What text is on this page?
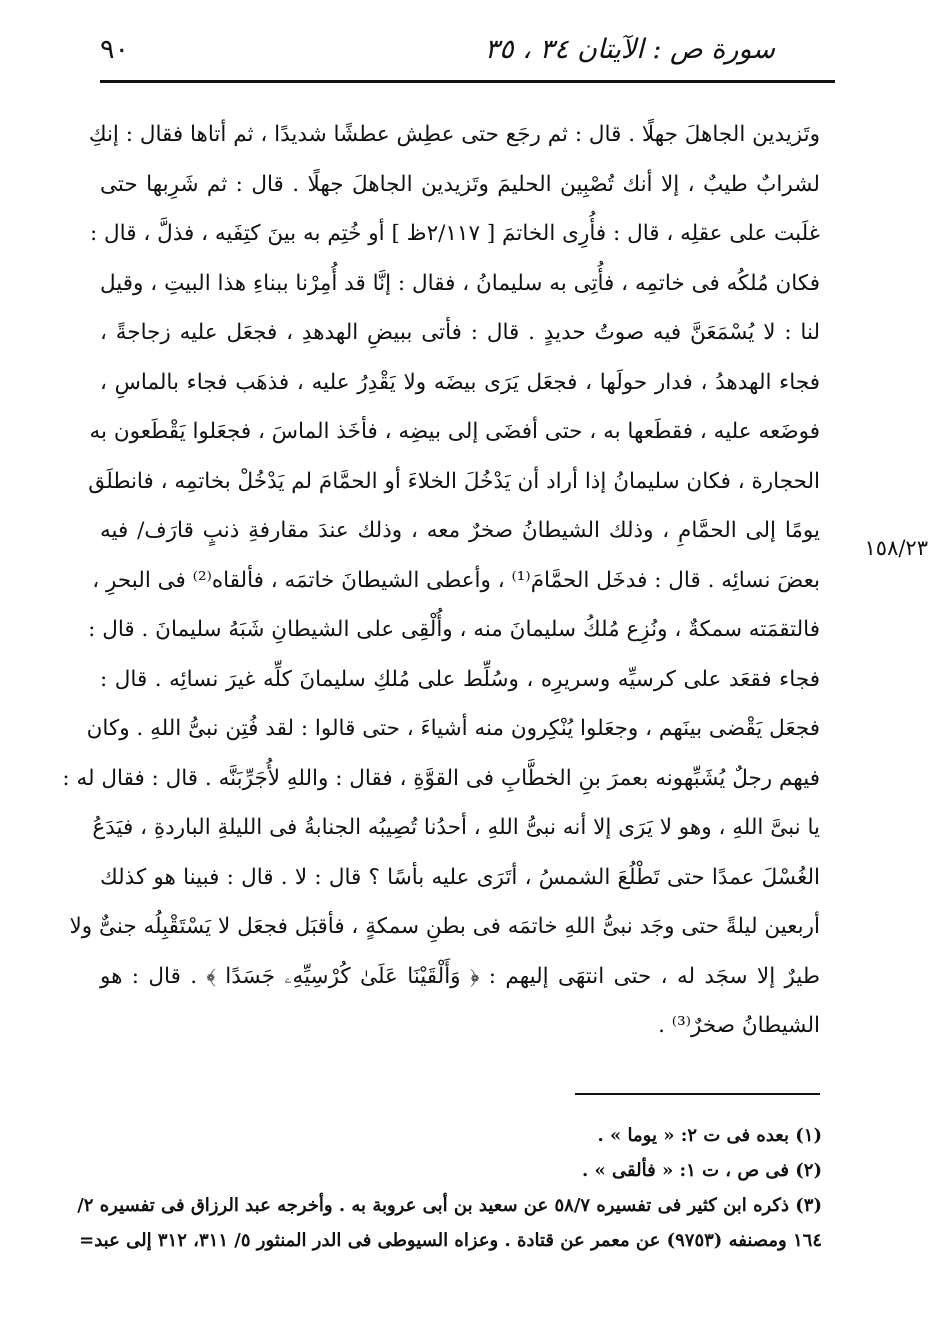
سورة ص : الآيتان ٣٤ ، ٣٥
٩٠
وتَزيدين الجاهلَ جهلًا . قال : ثم رجَع حتى عطِش عطشًا شديدًا ، ثم أتاها فقال : إنكِ
لشرابٌ طيبٌ ، إلا أنك تُصْبِين الحليمَ وتَزيدين الجاهلَ جهلًا . قال : ثم شَرِبها حتى
غلَبت على عقلِه ، قال : فأُرِى الخاتمَ [ ٢/١١٧ظ ] أو خُتِم به بينَ كتِفَيه ، فذلَّ ، قال :
فكان مُلكُه فى خاتمِه ، فأُتِى به سليمانُ ، فقال : إنَّا قد أُمِرْنا ببناءِ هذا البيتِ ، وقيل
لنا : لا يُسْمَعَنَّ فيه صوتُ حديدٍ . قال : فأتى ببيضِ الهدهدِ ، فجعَل عليه زجاجةً ،
فجاء الهدهدُ ، فدار حولَها ، فجعَل يَرَى بيضَه ولا يَقْدِرُ عليه ، فذهَب فجاء بالماسِ ،
فوضَعه عليه ، فقطَعها به ، حتى أفضَى إلى بيضِه ، فأخَذ الماسَ ، فجعَلوا يَقْطَعون به
الحجارة ، فكان سليمانُ إذا أراد أن يَدْخُلَ الخلاءَ أو الحمَّامَ لم يَدْخُلْ بخاتمِه ، فانطلَق
يومًا إلى الحمَّامِ ، وذلك الشيطانُ صخرٌ معه ، وذلك عندَ مقارفةِ ذنبٍ قارَف/ فيه
بعضَ نسائِه . قال : فدخَل الحمَّامَ⁽¹⁾ ، وأعطى الشيطانَ خاتمَه ، فألقاه⁽²⁾ فى البحرِ ،
فالتقمَته سمكةٌ ، ونُزِع مُلكُ سليمانَ منه ، وأُلْقِى على الشيطانِ شَبَهُ سليمانَ . قال :
فجاء فقعَد على كرسيِّه وسريرِه ، وسُلِّط على مُلكِ سليمانَ كلِّه غيرَ نسائِه . قال :
فجعَل يَقْضى بينَهم ، وجعَلوا يُنْكِرون منه أشياءَ ، حتى قالوا : لقد فُتِن نبىُّ اللهِ . وكان
فيهم رجلٌ يُشَبِّهونه بعمرَ بنِ الخطَّابِ فى القوَّةِ ، فقال : واللهِ لأُجَرِّبَنَّه . قال : فقال له :
يا نبىَّ اللهِ ، وهو لا يَرَى إلا أنه نبىُّ اللهِ ، أحدُنا تُصِيبُه الجنابةُ فى الليلةِ الباردةِ ، فيَدَعُ
الغُسْلَ عمدًا حتى تَطْلُعَ الشمسُ ، أتَرَى عليه بأسًا ؟ قال : لا . قال : فبينا هو كذلك
أربعين ليلةً حتى وجَد نبىُّ اللهِ خاتمَه فى بطنِ سمكةٍ ، فأقبَل فجعَل لا يَسْتَقْبِلُه جنىٌّ ولا
طيرٌ إلا سجَد له ، حتى انتهَى إليهم : ﴿ وَأَلْقَيْنَا عَلَىٰ كُرْسِيِّهِۦ جَسَدًا ﴾ . قال : هو
الشيطانُ صخرٌ⁽³⁾ .
١٥٨/٢٣
(١) بعده فى ت ٢: « يوما » .
(٢) فى ص ، ت ١: « فألقى » .
(٣) ذكره ابن كثير فى تفسيره ٥٨/٧ عن سعيد بن أبى عروبة به . وأخرجه عبد الرزاق فى تفسيره ٢/
١٦٤ ومصنفه (٩٧٥٣) عن معمر عن قتادة . وعزاه السيوطى فى الدر المنثور ٥/ ٣١١، ٣١٢ إلى عبد=
